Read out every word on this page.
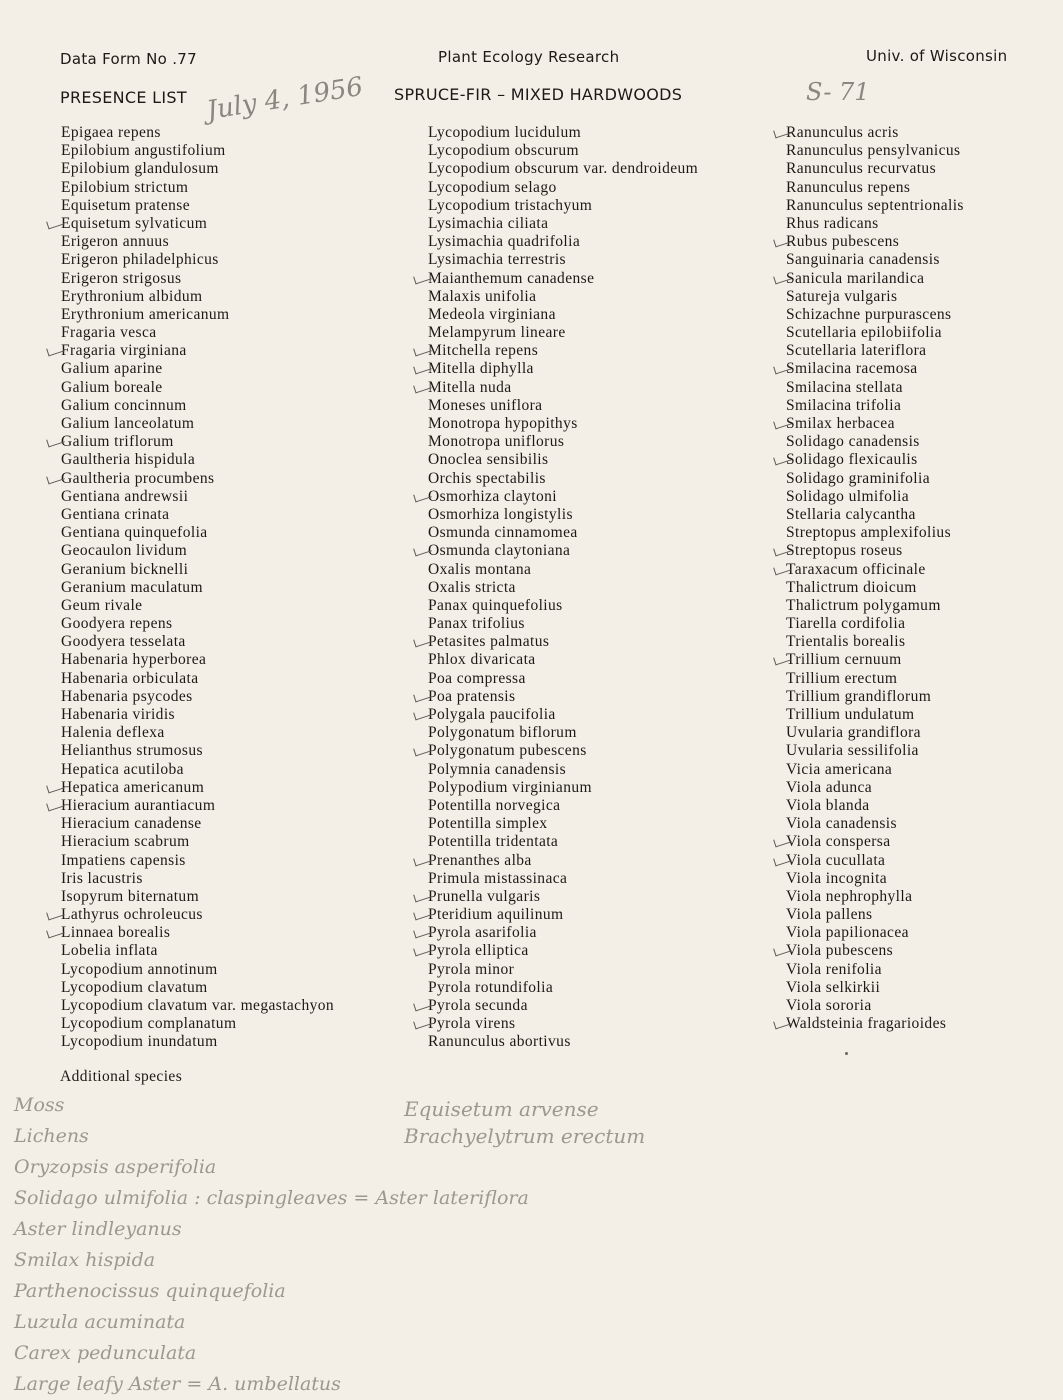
Data Form No .77	Plant Ecology Research	Univ. of Wisconsin
PRESENCE LIST	SPRUCE-FIR – MIXED HARDWOODS
July 4, 1956	S- 71
Epigaea repens
Epilobium angustifolium
Epilobium glandulosum
Epilobium strictum
Equisetum pratense
Equisetum sylvaticum
Erigeron annuus
Erigeron philadelphicus
Erigeron strigosus
Erythronium albidum
Erythronium americanum
Fragaria vesca
Fragaria virginiana
Galium aparine
Galium boreale
Galium concinnum
Galium lanceolatum
Galium triflorum
Gaultheria hispidula
Gaultheria procumbens
Gentiana andrewsii
Gentiana crinata
Gentiana quinquefolia
Geocaulon lividum
Geranium bicknelli
Geranium maculatum
Geum rivale
Goodyera repens
Goodyera tesselata
Habenaria hyperborea
Habenaria orbiculata
Habenaria psycodes
Habenaria viridis
Halenia deflexa
Helianthus strumosus
Hepatica acutiloba
Hepatica americanum
Hieracium aurantiacum
Hieracium canadense
Hieracium scabrum
Impatiens capensis
Iris lacustris
Isopyrum biternatum
Lathyrus ochroleucus
Linnaea borealis
Lobelia inflata
Lycopodium annotinum
Lycopodium clavatum
Lycopodium clavatum var. megastachyon
Lycopodium complanatum
Lycopodium inundatum
Lycopodium lucidulum
Lycopodium obscurum
Lycopodium obscurum var. dendroideum
Lycopodium selago
Lycopodium tristachyum
Lysimachia ciliata
Lysimachia quadrifolia
Lysimachia terrestris
Maianthemum canadense
Malaxis unifolia
Medeola virginiana
Melampyrum lineare
Mitchella repens
Mitella diphylla
Mitella nuda
Moneses uniflora
Monotropa hypopithys
Monotropa uniflorus
Onoclea sensibilis
Orchis spectabilis
Osmorhiza claytoni
Osmorhiza longistylis
Osmunda cinnamomea
Osmunda claytoniana
Oxalis montana
Oxalis stricta
Panax quinquefolius
Panax trifolius
Petasites palmatus
Phlox divaricata
Poa compressa
Poa pratensis
Polygala paucifolia
Polygonatum biflorum
Polygonatum pubescens
Polymnia canadensis
Polypodium virginianum
Potentilla norvegica
Potentilla simplex
Potentilla tridentata
Prenanthes alba
Primula mistassinaca
Prunella vulgaris
Pteridium aquilinum
Pyrola asarifolia
Pyrola elliptica
Pyrola minor
Pyrola rotundifolia
Pyrola secunda
Pyrola virens
Ranunculus abortivus
Ranunculus acris
Ranunculus pensylvanicus
Ranunculus recurvatus
Ranunculus repens
Ranunculus septentrionalis
Rhus radicans
Rubus pubescens
Sanguinaria canadensis
Sanicula marilandica
Satureja vulgaris
Schizachne purpurascens
Scutellaria epilobiifolia
Scutellaria lateriflora
Smilacina racemosa
Smilacina stellata
Smilacina trifolia
Smilax herbacea
Solidago canadensis
Solidago flexicaulis
Solidago graminifolia
Solidago ulmifolia
Stellaria calycantha
Streptopus amplexifolius
Streptopus roseus
Taraxacum officinale
Thalictrum dioicum
Thalictrum polygamum
Tiarella cordifolia
Trientalis borealis
Trillium cernuum
Trillium erectum
Trillium grandiflorum
Trillium undulatum
Uvularia grandiflora
Uvularia sessilifolia
Vicia americana
Viola adunca
Viola blanda
Viola canadensis
Viola conspersa
Viola cucullata
Viola incognita
Viola nephrophylla
Viola pallens
Viola papilionacea
Viola pubescens
Viola renifolia
Viola selkirkii
Viola sororia
Waldsteinia fragarioides
Additional species
Moss
Lichens
Oryzopsis asperifolia
Solidago ulmifolia : claspingleaves = Aster lateriflora
Aster lindleyanus
Smilax hispida
Parthenocissus quinquefolia
Luzula acuminata
Carex pedunculata
Large leafy Aster = A. umbellatus
Equisetum arvense
Brachyelytrum erectum
